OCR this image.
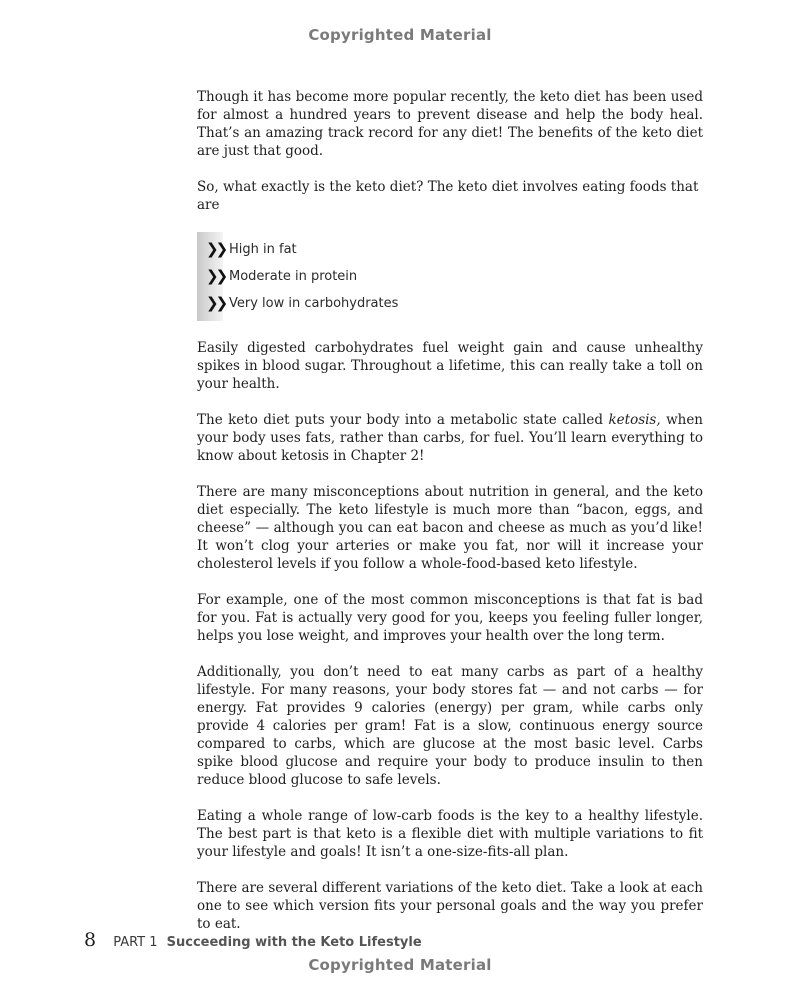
Copyrighted Material

Though it has become more popular recently, the keto diet has been used for almost a hundred years to prevent disease and help the body heal. That’s an amazing track record for any diet! The benefits of the keto diet are just that good.

So, what exactly is the keto diet? The keto diet involves eating foods that are

❯❯ High in fat
❯❯ Moderate in protein
❯❯ Very low in carbohydrates

Easily digested carbohydrates fuel weight gain and cause unhealthy spikes in blood sugar. Throughout a lifetime, this can really take a toll on your health.

The keto diet puts your body into a metabolic state called ketosis, when your body uses fats, rather than carbs, for fuel. You’ll learn everything to know about ketosis in Chapter 2!

There are many misconceptions about nutrition in general, and the keto diet especially. The keto lifestyle is much more than “bacon, eggs, and cheese” — although you can eat bacon and cheese as much as you’d like! It won’t clog your arteries or make you fat, nor will it increase your cholesterol levels if you follow a whole-food-based keto lifestyle.

For example, one of the most common misconceptions is that fat is bad for you. Fat is actually very good for you, keeps you feeling fuller longer, helps you lose weight, and improves your health over the long term.

Additionally, you don’t need to eat many carbs as part of a healthy lifestyle. For many reasons, your body stores fat — and not carbs — for energy. Fat provides 9 calories (energy) per gram, while carbs only provide 4 calories per gram! Fat is a slow, continuous energy source compared to carbs, which are glucose at the most basic level. Carbs spike blood glucose and require your body to produce insulin to then reduce blood glucose to safe levels.

Eating a whole range of low-carb foods is the key to a healthy lifestyle. The best part is that keto is a flexible diet with multiple variations to fit your lifestyle and goals! It isn’t a one-size-fits-all plan.

There are several different variations of the keto diet. Take a look at each one to see which version fits your personal goals and the way you prefer to eat.

8 PART 1 Succeeding with the Keto Lifestyle
Copyrighted Material
